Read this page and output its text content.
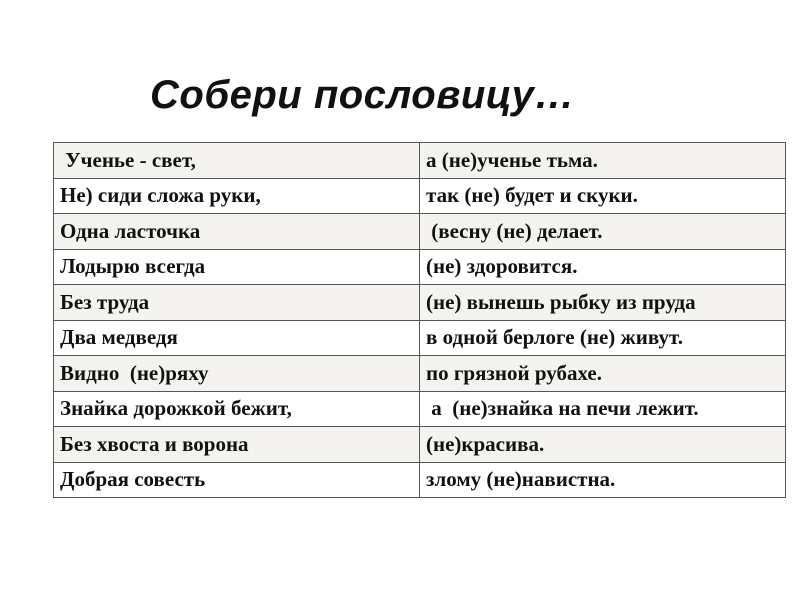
Собери пословицу…
Ученье - свет,	а (не)ученье тьма.
Не) сиди сложа руки,	так (не) будет и скуки.
Одна ласточка	(весну (не) делает.
Лодырю всегда	(не) здоровится.
Без труда	(не) вынешь рыбку из пруда
Два медведя	в одной берлоге (не) живут.
Видно  (не)ряху	по грязной рубахе.
Знайка дорожкой бежит,	а  (не)знайка на печи лежит.
Без хвоста и ворона	(не)красива.
Добрая совесть	злому (не)навистна.
